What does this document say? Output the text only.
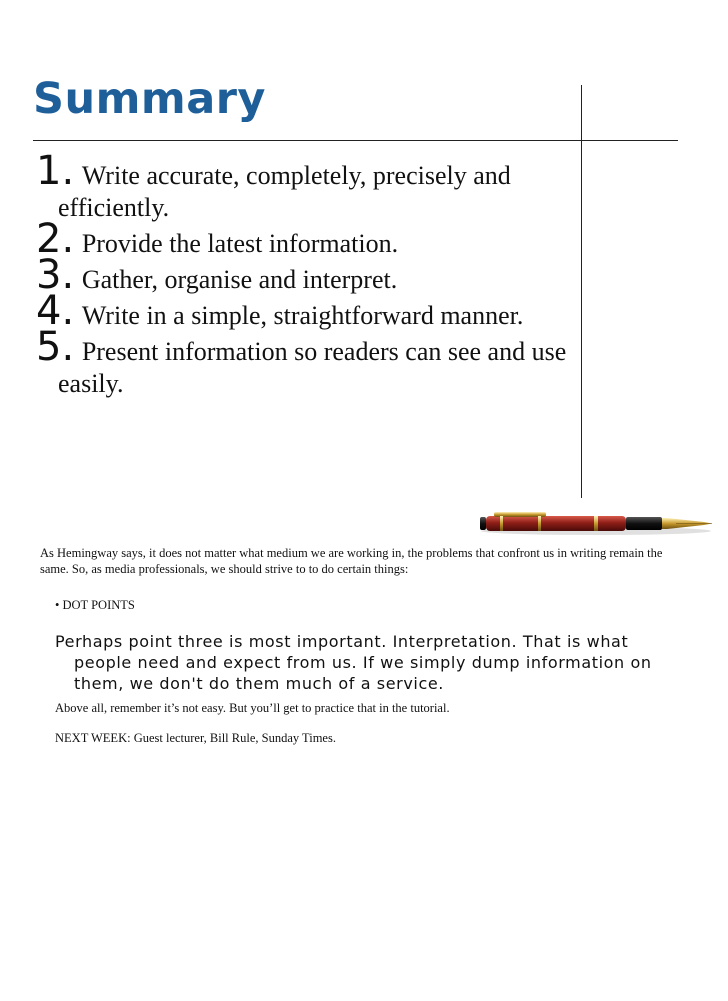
Summary
1. Write accurate, completely, precisely and efficiently.
2. Provide the latest information.
3. Gather, organise and interpret.
4. Write in a simple, straightforward manner.
5. Present information so readers can see and use easily.

As Hemingway says, it does not matter what medium we are working in, the problems that confront us in writing remain the same. So, as media professionals, we should strive to to do certain things:

• DOT POINTS

Perhaps point three is most important. Interpretation. That is what people need and expect from us. If we simply dump information on them, we don't do them much of a service.

Above all, remember it’s not easy. But you’ll get to practice that in the tutorial.

NEXT WEEK: Guest lecturer, Bill Rule, Sunday Times.
